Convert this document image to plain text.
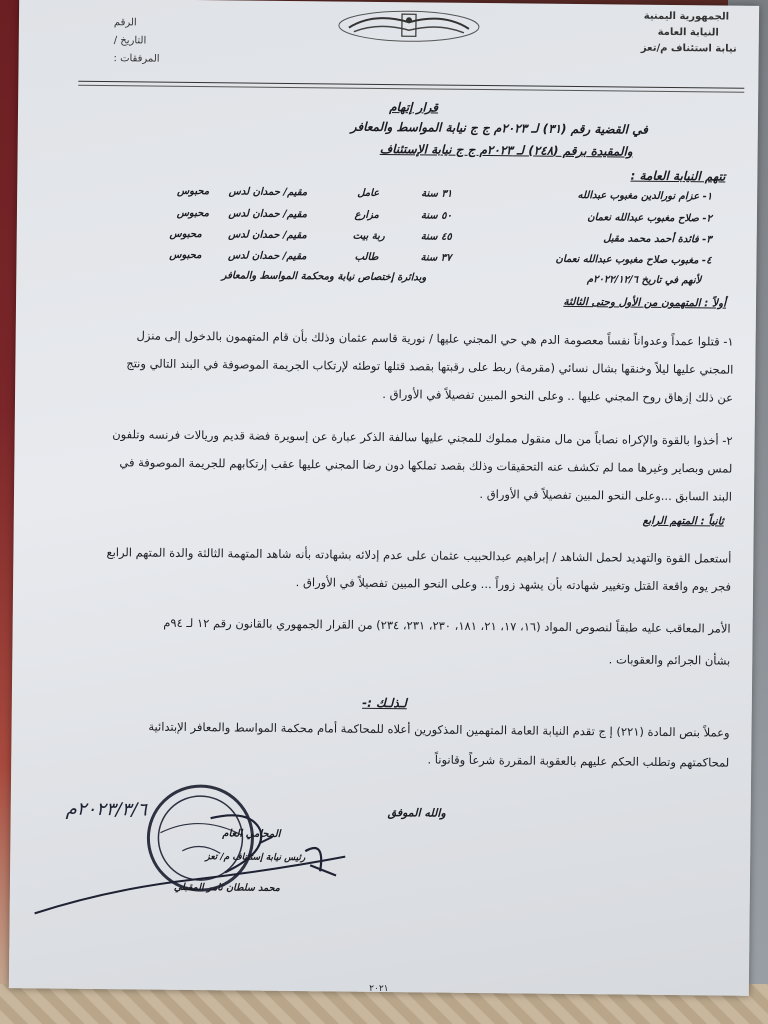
الجمهورية اليمنية
النيابة العامة
نيابة استئناف م/تعز
الرقم
التاريخ /
المرفقات :
قرار إتهام
في القضية رقم (٣١) لـ ٢٠٢٣م ج ج نيابة المواسط والمعافر
والمقيدة برقم (٢٤٨) لـ ٢٠٢٣م ج ج نيابة الإستئناف
تتهم النيابة العامة :
١- عزام نورالدين مغبوب عبدالله
٣١ سنة
عامل
مقيم/ حمدان لدس
محبوس
٢- صلاح مغبوب عبدالله نعمان
٥٠ سنة
مزارع
مقيم/ حمدان لدس
محبوس
٣- فائدة أحمد محمد مقبل
٤٥ سنة
ربة بيت
مقيم/ حمدان لدس
محبوس
٤- مغبوب صلاح مغبوب عبدالله نعمان
٣٧ سنة
طالب
مقيم/ حمدان لدس
محبوس
لأنهم في تاريخ ٢٠٢٢/١٢/٦م
وبدائرة إختصاص نيابة ومحكمة المواسط والمعافر
أولاً : المتهمون من الأول وحتى الثالثة
١- قتلوا عمداً وعدواناً نفساً معصومة الدم هي حي المجني عليها / نورية قاسم عثمان وذلك بأن قام المتهمون بالدخول إلى منزل
المجني عليها ليلاً وخنقها بشال نسائي (مقرمة) ربط على رقبتها بقصد قتلها توطئه لإرتكاب الجريمة الموصوفة في البند التالي ونتج
عن ذلك إزهاق روح المجني عليها .. وعلى النحو المبين تفصيلاً في الأوراق .
٢- أخذوا بالقوة والإكراه نصاباً من مال منقول مملوك للمجني عليها سالفة الذكر عبارة عن إسويرة فضة قديم وريالات فرنسه وتلفون
لمس وبصاير وغيرها مما لم تكشف عنه التحقيقات وذلك بقصد تملكها دون رضا المجني عليها عقب إرتكابهم للجريمة الموصوفة في
البند السابق ...وعلى النحو المبين تفصيلاً في الأوراق .
ثانياً : المتهم الرابع
أستعمل القوة والتهديد لحمل الشاهد / إبراهيم عبدالحبيب عثمان على عدم إدلائه بشهادته بأنه شاهد المتهمة الثالثة والدة المتهم الرابع
فجر يوم واقعة القتل وتغيير شهادته بأن يشهد زوراً ... وعلى النحو المبين تفصيلاً في الأوراق .
الأمر المعاقب عليه طبقاً لنصوص المواد (١٦، ١٧، ٢١، ١٨١، ٢٣٠، ٢٣١، ٢٣٤) من القرار الجمهوري بالقانون رقم ١٢ لـ ٩٤م
بشأن الجرائم والعقوبات .
لـذلـك :-
وعملاً بنص المادة (٢٢١) إ ج تقدم النيابة العامة المتهمين المذكورين أعلاه للمحاكمة أمام محكمة المواسط والمعافر الإبتدائية
لمحاكمتهم وتطلب الحكم عليهم بالعقوبة المقررة شرعاً وقانوناً .
والله الموفق
٢٠٢٣/٣/٦م
المحامي العام
رئيس نيابة إستئناف م/ تعز
محمد سلطان ثامر المقبلي
٢٠٢١
